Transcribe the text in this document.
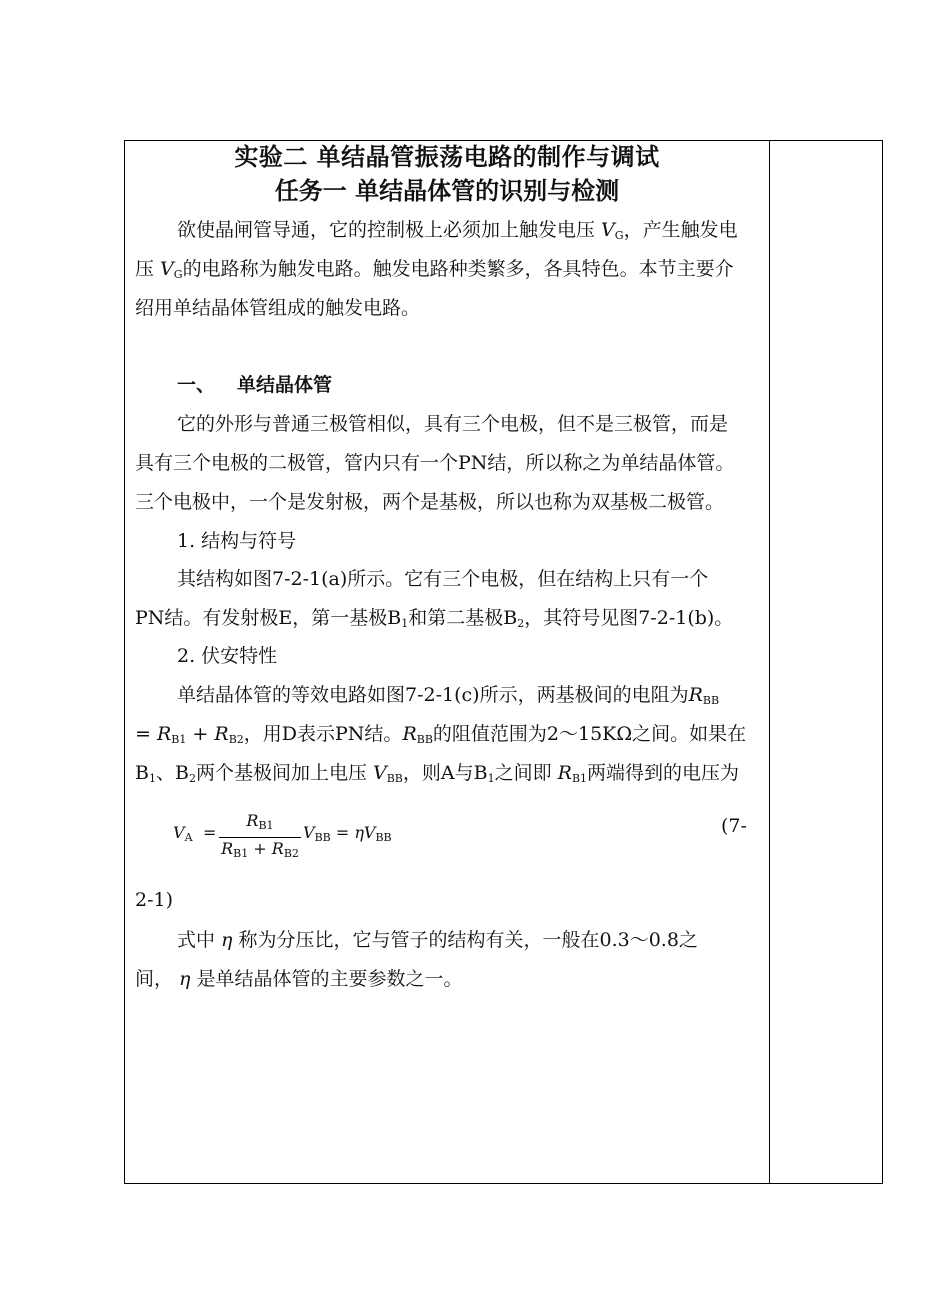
实验二 单结晶管振荡电路的制作与调试
任务一 单结晶体管的识别与检测
欲使晶闸管导通，它的控制极上必须加上触发电压 $V_G$，产生触发电
压 $V_G$的电路称为触发电路。触发电路种类繁多，各具特色。本节主要介
绍用单结晶体管组成的触发电路。
一、 单结晶体管
它的外形与普通三极管相似，具有三个电极，但不是三极管，而是
具有三个电极的二极管，管内只有一个PN结，所以称之为单结晶体管。
三个电极中，一个是发射极，两个是基极，所以也称为双基极二极管。
1. 结构与符号
其结构如图7-2-1(a)所示。它有三个电极，但在结构上只有一个
PN结。有发射极E，第一基极$B_1$和第二基极$B_2$，其符号见图7-2-1(b)。
2. 伏安特性
单结晶体管的等效电路如图7-2-1(c)所示，两基极间的电阻为$R_{BB}$
= $R_{B1} + R_{B2}$，用D表示PN结。$R_{BB}$的阻值范围为2～15KΩ之间。如果在
$B_1$、$B_2$两个基极间加上电压 $V_{BB}$，则A与$B_1$之间即 $R_{B1}$两端得到的电压为
$V_A$ =
$R_{B1}$
$R_{B1} + R_{B2}$
$V_{BB} = \eta V_{BB}$
(7-
2-1)
式中 η 称为分压比，它与管子的结构有关，一般在0.3～0.8之
间， η 是单结晶体管的主要参数之一。
